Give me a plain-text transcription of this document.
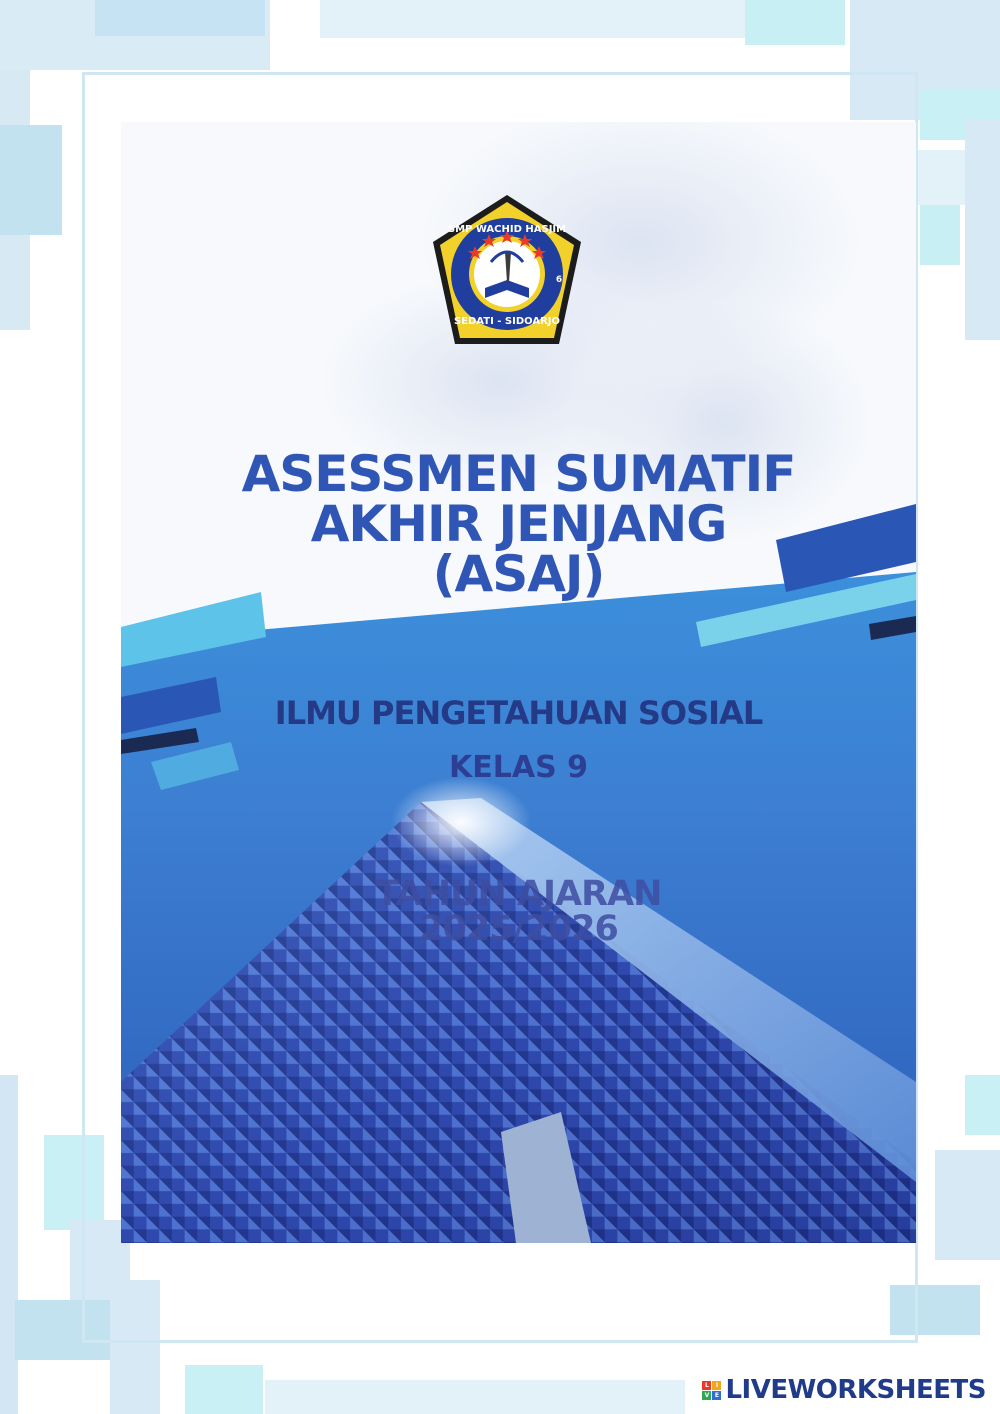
SMP WACHID HASJIM
SEDATI - SIDOARJO
6
ASESSMEN SUMATIF
AKHIR JENJANG
(ASAJ)
ILMU PENGETAHUAN SOSIAL
KELAS 9
TAHUN AJARAN
2025/2026
L	I
V E LIVEWORKSHEETS
